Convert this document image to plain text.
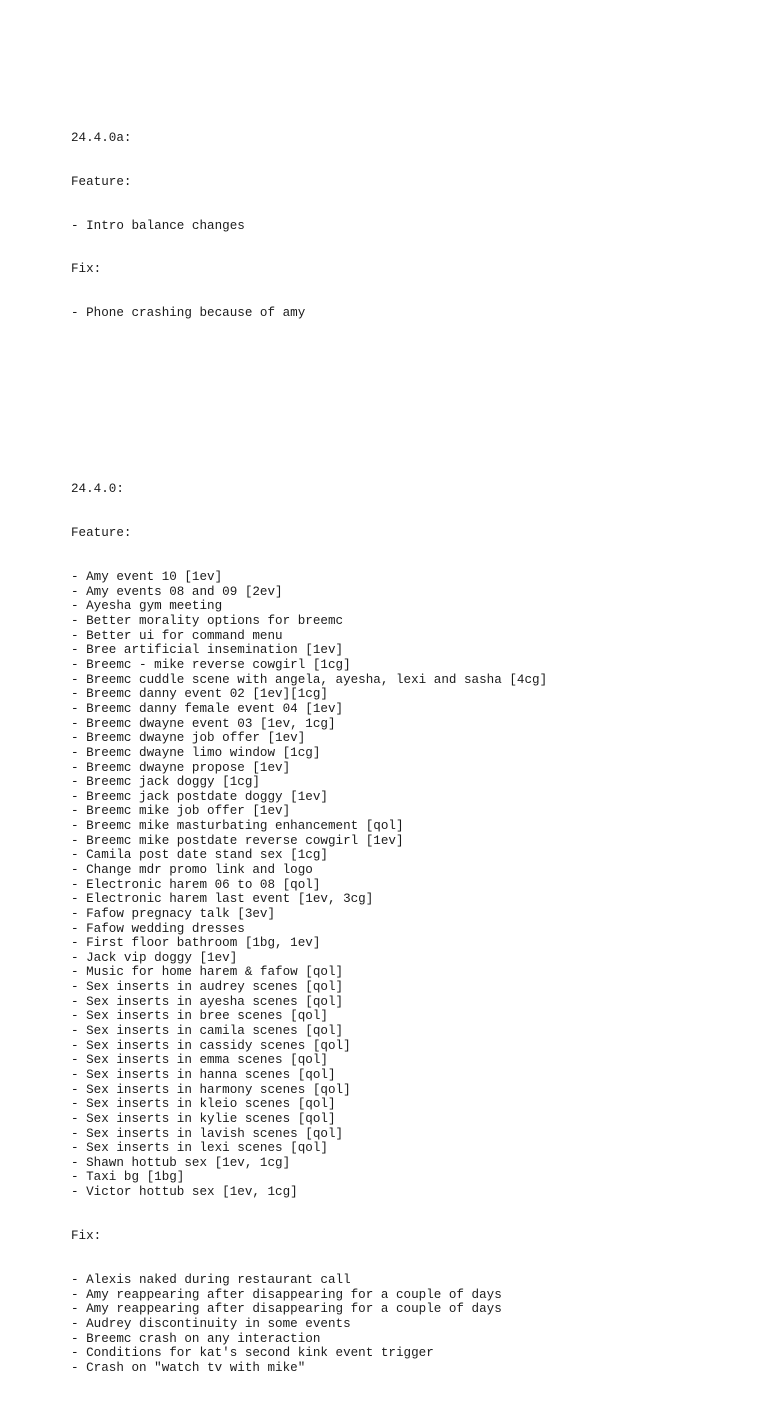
24.4.0a:

Feature:

- Intro balance changes

Fix:

- Phone crashing because of amy

24.4.0:

Feature:

- Amy event 10 [1ev]
- Amy events 08 and 09 [2ev]
- Ayesha gym meeting
- Better morality options for breemc
- Better ui for command menu
- Bree artificial insemination [1ev]
- Breemc - mike reverse cowgirl [1cg]
- Breemc cuddle scene with angela, ayesha, lexi and sasha [4cg]
- Breemc danny event 02 [1ev][1cg]
- Breemc danny female event 04 [1ev]
- Breemc dwayne event 03 [1ev, 1cg]
- Breemc dwayne job offer [1ev]
- Breemc dwayne limo window [1cg]
- Breemc dwayne propose [1ev]
- Breemc jack doggy [1cg]
- Breemc jack postdate doggy [1ev]
- Breemc mike job offer [1ev]
- Breemc mike masturbating enhancement [qol]
- Breemc mike postdate reverse cowgirl [1ev]
- Camila post date stand sex [1cg]
- Change mdr promo link and logo
- Electronic harem 06 to 08 [qol]
- Electronic harem last event [1ev, 3cg]
- Fafow pregnacy talk [3ev]
- Fafow wedding dresses
- First floor bathroom [1bg, 1ev]
- Jack vip doggy [1ev]
- Music for home harem & fafow [qol]
- Sex inserts in audrey scenes [qol]
- Sex inserts in ayesha scenes [qol]
- Sex inserts in bree scenes [qol]
- Sex inserts in camila scenes [qol]
- Sex inserts in cassidy scenes [qol]
- Sex inserts in emma scenes [qol]
- Sex inserts in hanna scenes [qol]
- Sex inserts in harmony scenes [qol]
- Sex inserts in kleio scenes [qol]
- Sex inserts in kylie scenes [qol]
- Sex inserts in lavish scenes [qol]
- Sex inserts in lexi scenes [qol]
- Shawn hottub sex [1ev, 1cg]
- Taxi bg [1bg]
- Victor hottub sex [1ev, 1cg]

Fix:

- Alexis naked during restaurant call
- Amy reappearing after disappearing for a couple of days
- Amy reappearing after disappearing for a couple of days
- Audrey discontinuity in some events
- Breemc crash on any interaction
- Conditions for kat's second kink event trigger
- Crash on "watch tv with mike"
